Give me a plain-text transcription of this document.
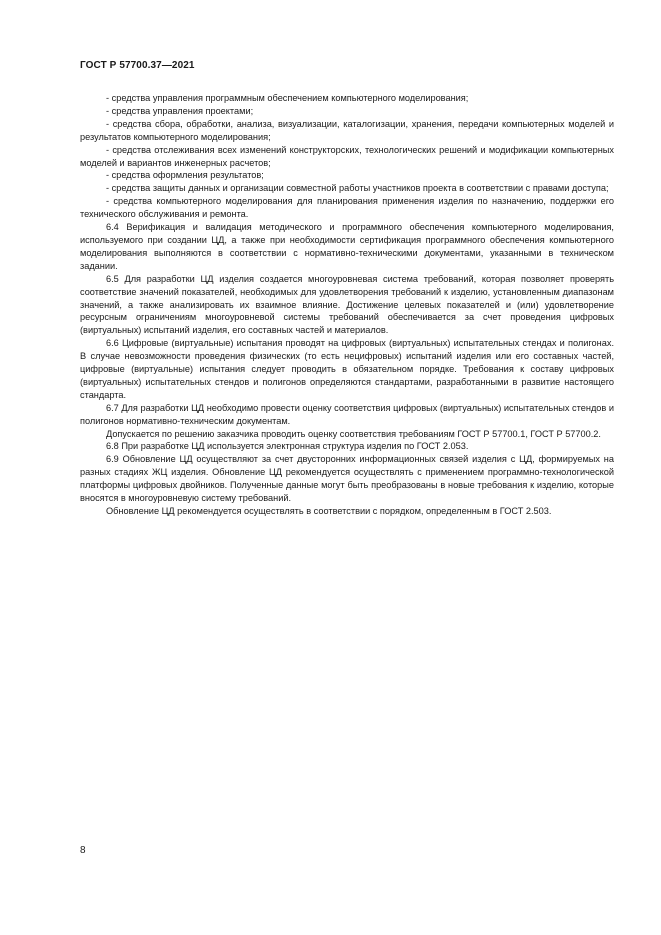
ГОСТ Р 57700.37—2021

- средства управления программным обеспечением компьютерного моделирования;

- средства управления проектами;

- средства сбора, обработки, анализа, визуализации, каталогизации, хранения, передачи компьютерных моделей и результатов компьютерного моделирования;

- средства отслеживания всех изменений конструкторских, технологических решений и модификации компьютерных моделей и вариантов инженерных расчетов;

- средства оформления результатов;

- средства защиты данных и организации совместной работы участников проекта в соответствии с правами доступа;

- средства компьютерного моделирования для планирования применения изделия по назначению, поддержки его технического обслуживания и ремонта.

6.4 Верификация и валидация методического и программного обеспечения компьютерного моделирования, используемого при создании ЦД, а также при необходимости сертификация программного обеспечения компьютерного моделирования выполняются в соответствии с нормативно-техническими документами, указанными в техническом задании.

6.5 Для разработки ЦД изделия создается многоуровневая система требований, которая позволяет проверять соответствие значений показателей, необходимых для удовлетворения требований к изделию, установленным диапазонам значений, а также анализировать их взаимное влияние. Достижение целевых показателей и (или) удовлетворение ресурсным ограничениям многоуровневой системы требований обеспечивается за счет проведения цифровых (виртуальных) испытаний изделия, его составных частей и материалов.

6.6 Цифровые (виртуальные) испытания проводят на цифровых (виртуальных) испытательных стендах и полигонах. В случае невозможности проведения физических (то есть нецифровых) испытаний изделия или его составных частей, цифровые (виртуальные) испытания следует проводить в обязательном порядке. Требования к составу цифровых (виртуальных) испытательных стендов и полигонов определяются стандартами, разработанными в развитие настоящего стандарта.

6.7 Для разработки ЦД необходимо провести оценку соответствия цифровых (виртуальных) испытательных стендов и полигонов нормативно-техническим документам.

Допускается по решению заказчика проводить оценку соответствия требованиям ГОСТ Р 57700.1, ГОСТ Р 57700.2.

6.8 При разработке ЦД используется электронная структура изделия по ГОСТ 2.053.

6.9 Обновление ЦД осуществляют за счет двусторонних информационных связей изделия с ЦД, формируемых на разных стадиях ЖЦ изделия. Обновление ЦД рекомендуется осуществлять с применением программно-технологической платформы цифровых двойников. Полученные данные могут быть преобразованы в новые требования к изделию, которые вносятся в многоуровневую систему требований.

Обновление ЦД рекомендуется осуществлять в соответствии с порядком, определенным в ГОСТ 2.503.

8
